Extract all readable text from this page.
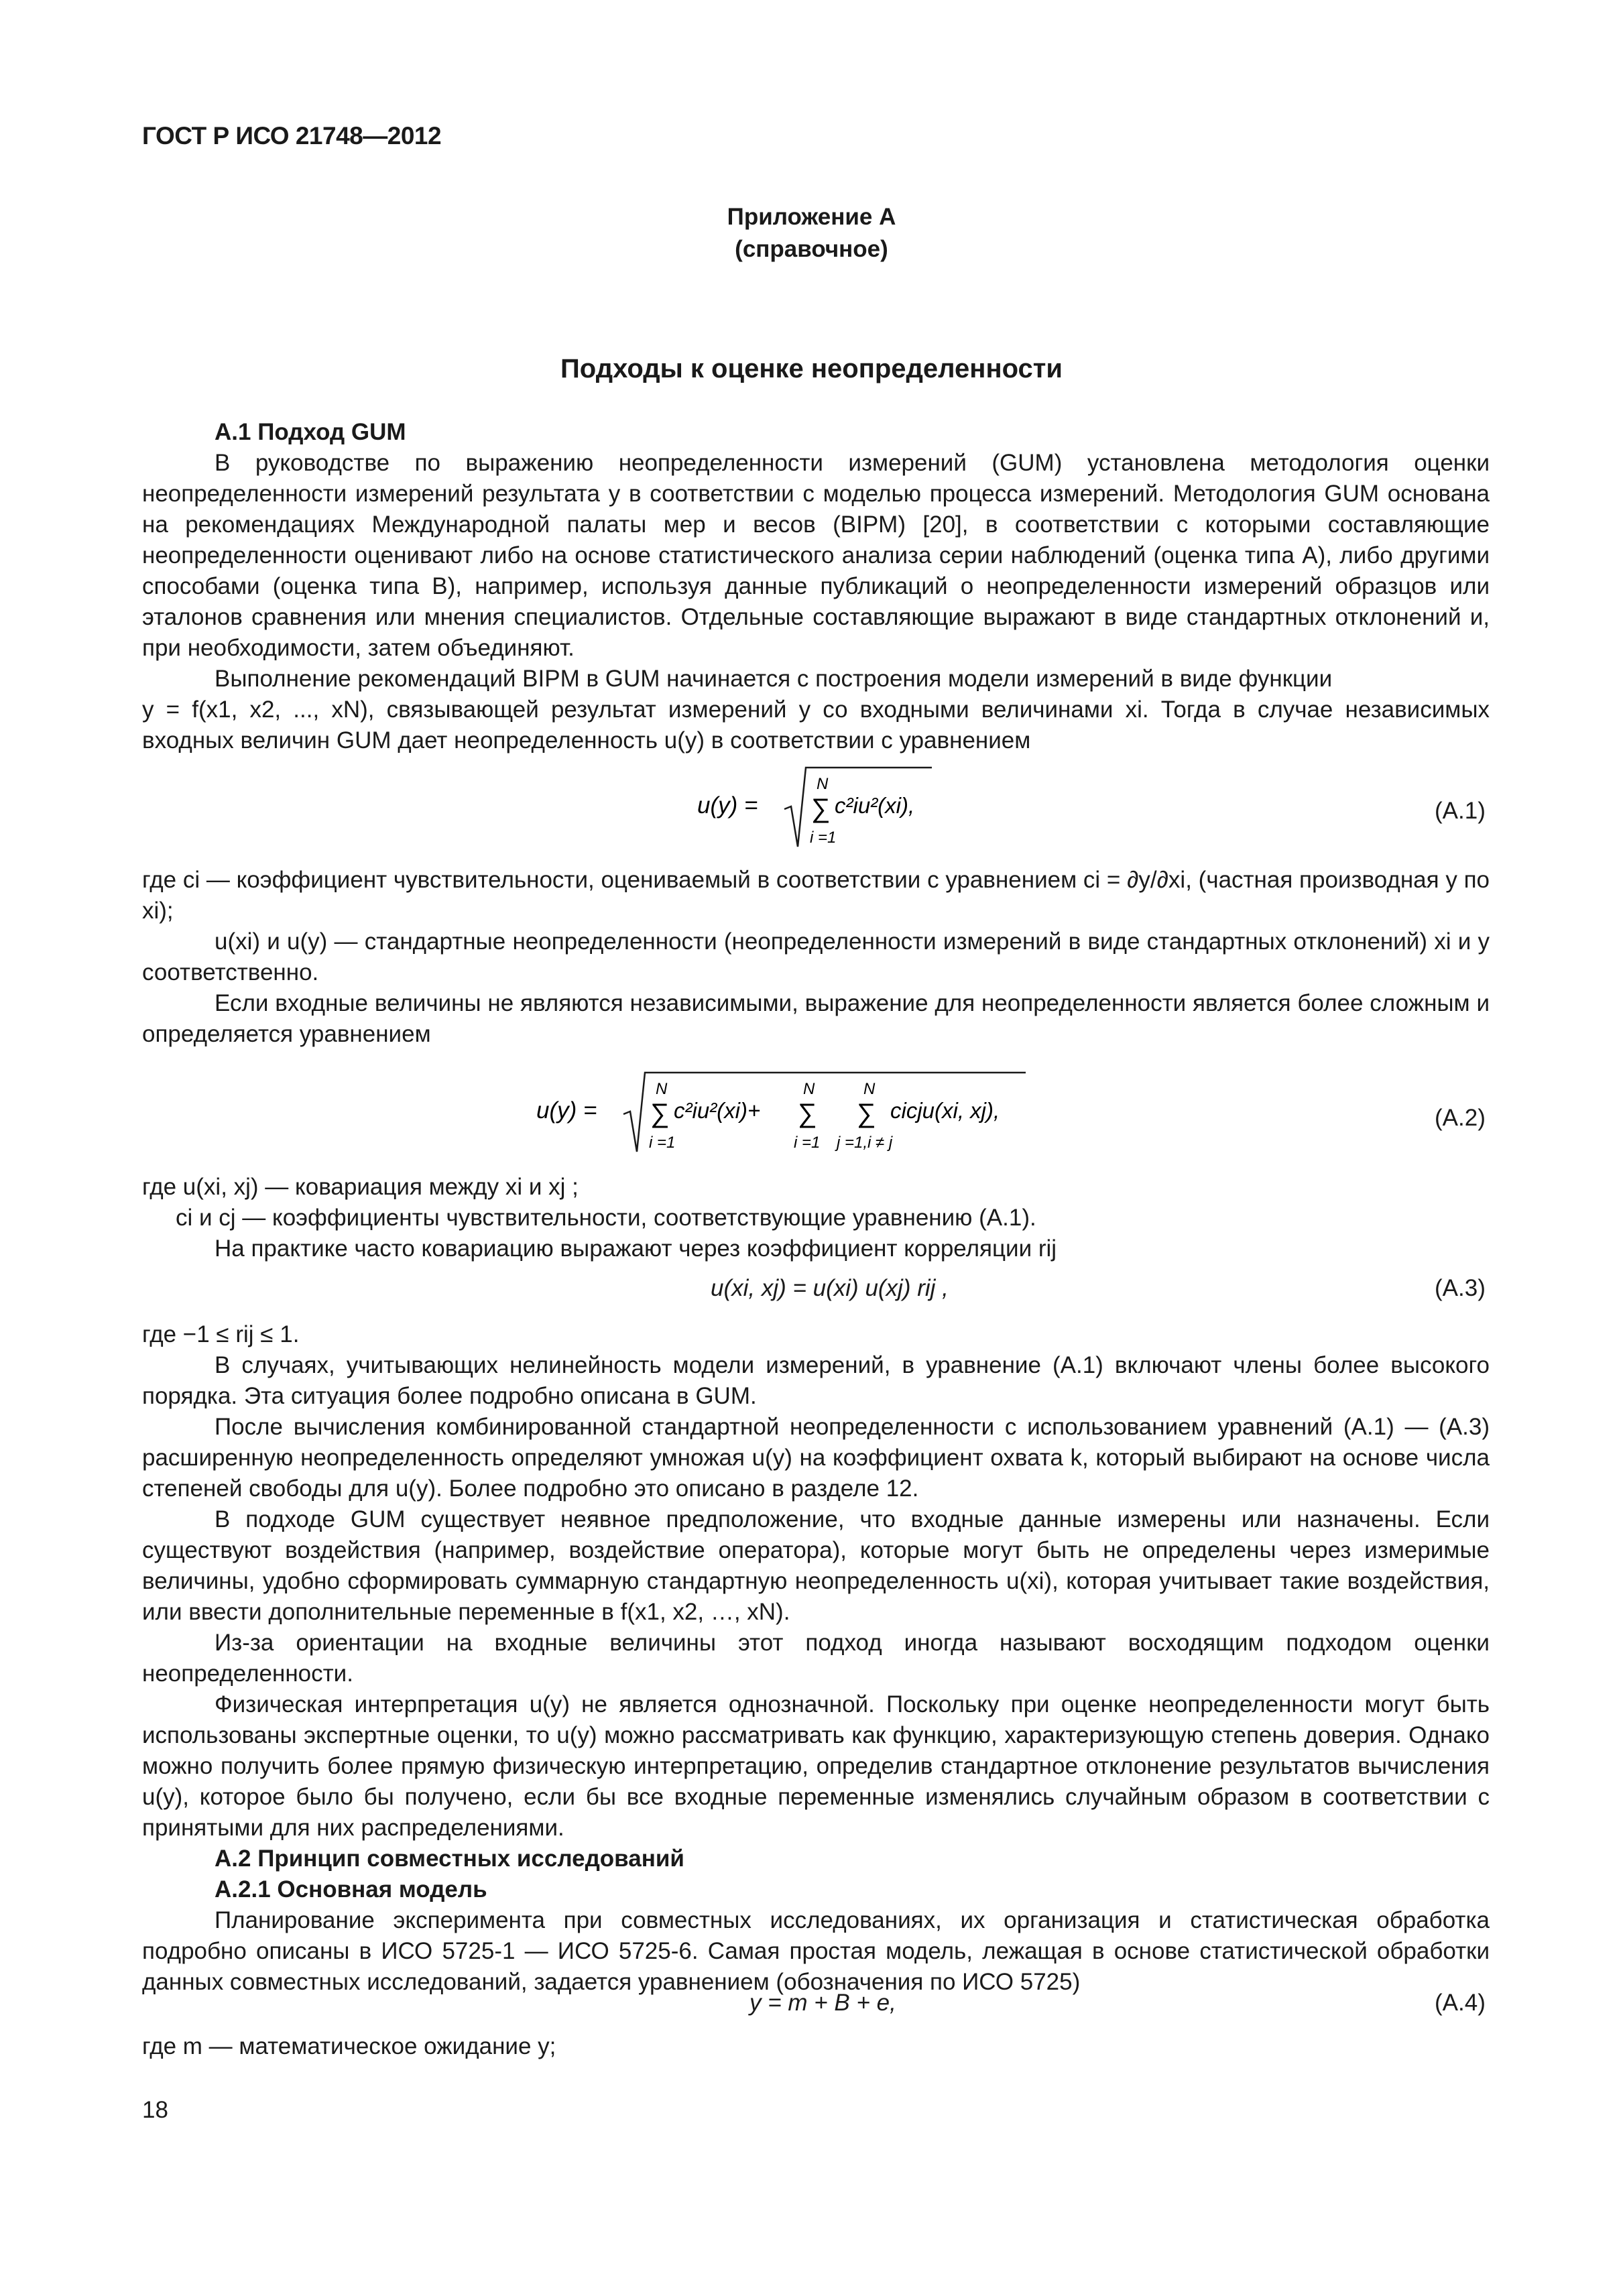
ГОСТ Р ИСО 21748—2012
Приложение А
(справочное)
Подходы к оценке неопределенности

А.1 Подход GUM

В руководстве по выражению неопределенности измерений (GUM) установлена методология оценки неопределенности измерений результата y в соответствии с моделью процесса измерений. Методология GUM основана на рекомендациях Международной палаты мер и весов (BIPM) [20], в соответствии с которыми составляющие неопределенности оценивают либо на основе статистического анализа серии наблюдений (оценка типа А), либо другими способами (оценка типа В), например, используя данные публикаций о неопределенности измерений образцов или эталонов сравнения или мнения специалистов. Отдельные составляющие выражают в виде стандартных отклонений и, при необходимости, затем объединяют.

Выполнение рекомендаций BIPM в GUM начинается с построения модели измерений в виде функции

y = f(x1, x2, ..., xN), связывающей результат измерений y со входными величинами xi. Тогда в случае независимых входных величин GUM дает неопределенность u(y) в соответствии с уравнением

u(y) =
N
∑
i =1
c²iu²(xi),	(A.1)

где ci — коэффициент чувствительности, оцениваемый в соответствии с уравнением ci = ∂y/∂xi, (частная производная y по xi);

u(xi) и u(y) — стандартные неопределенности (неопределенности измерений в виде стандартных отклонений) xi и y соответственно.

Если входные величины не являются независимыми, выражение для неопределенности является более сложным и определяется уравнением

u(y) =
N
∑
i =1
c²iu²(xi)+
N
∑
i =1
N
∑
j =1,i ≠ j
cicju(xi, xj),	(A.2)

где u(xi, xj) — ковариация между xi и xj ;

ci и cj — коэффициенты чувствительности, соответствующие уравнению (А.1).

На практике часто ковариацию выражают через коэффициент корреляции rij

u(xi, xj) = u(xi) u(xj) rij ,	(A.3)

где −1 ≤ rij ≤ 1.

В случаях, учитывающих нелинейность модели измерений, в уравнение (А.1) включают члены более высокого порядка. Эта ситуация более подробно описана в GUM.

После вычисления комбинированной стандартной неопределенности с использованием уравнений (А.1) — (А.3) расширенную неопределенность определяют умножая u(y) на коэффициент охвата k, который выбирают на основе числа степеней свободы для u(y). Более подробно это описано в разделе 12.

В подходе GUM существует неявное предположение, что входные данные измерены или назначены. Если существуют воздействия (например, воздействие оператора), которые могут быть не определены через измеримые величины, удобно сформировать суммарную стандартную неопределенность u(xi), которая учитывает такие воздействия, или ввести дополнительные переменные в f(x1, x2, …, xN).

Из-за ориентации на входные величины этот подход иногда называют восходящим подходом оценки неопределенности.

Физическая интерпретация u(y) не является однозначной. Поскольку при оценке неопределенности могут быть использованы экспертные оценки, то u(y) можно рассматривать как функцию, характеризующую степень доверия. Однако можно получить более прямую физическую интерпретацию, определив стандартное отклонение результатов вычисления u(y), которое было бы получено, если бы все входные переменные изменялись случайным образом в соответствии с принятыми для них распределениями.

А.2 Принцип совместных исследований

А.2.1 Основная модель

Планирование эксперимента при совместных исследованиях, их организация и статистическая обработка подробно описаны в ИСО 5725-1 — ИСО 5725-6. Самая простая модель, лежащая в основе статистической обработки данных совместных исследований, задается уравнением (обозначения по ИСО 5725)

y = m + B + e,	(A.4)

где m — математическое ожидание y;

18
